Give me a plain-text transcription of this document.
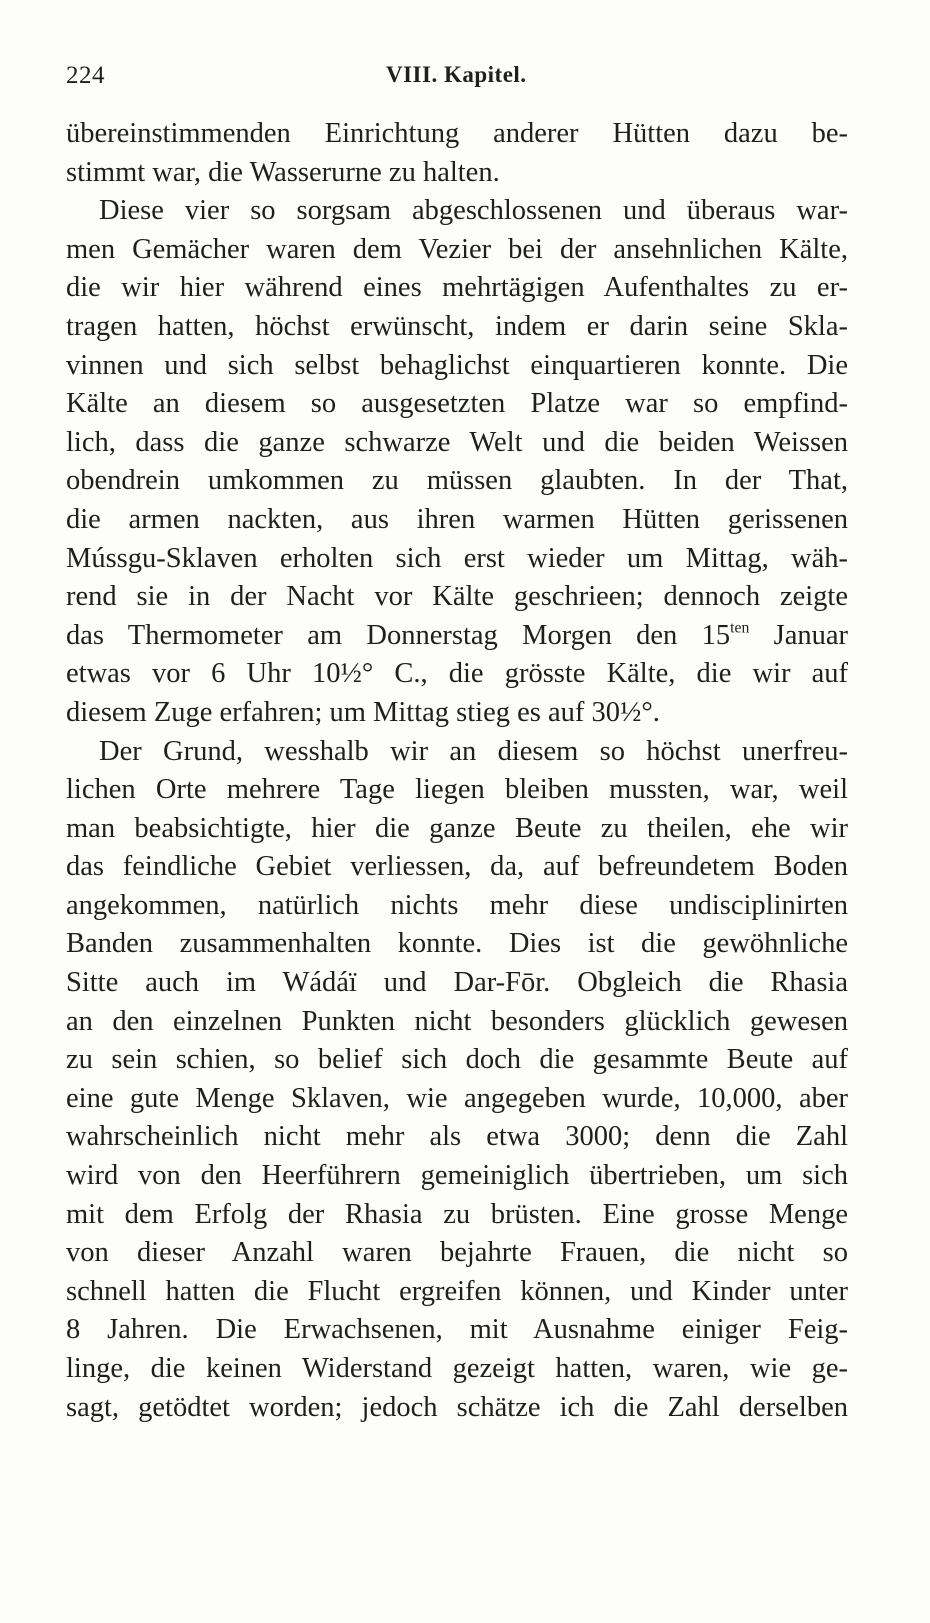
224	VIII. Kapitel.
übereinstimmenden Einrichtung anderer Hütten dazu be-
stimmt war, die Wasserurne zu halten.
Diese vier so sorgsam abgeschlossenen und überaus war-
men Gemächer waren dem Vezier bei der ansehnlichen Kälte,
die wir hier während eines mehrtägigen Aufenthaltes zu er-
tragen hatten, höchst erwünscht, indem er darin seine Skla-
vinnen und sich selbst behaglichst einquartieren konnte. Die
Kälte an diesem so ausgesetzten Platze war so empfind-
lich, dass die ganze schwarze Welt und die beiden Weissen
obendrein umkommen zu müssen glaubten. In der That,
die armen nackten, aus ihren warmen Hütten gerissenen
Mússgu-Sklaven erholten sich erst wieder um Mittag, wäh-
rend sie in der Nacht vor Kälte geschrieen; dennoch zeigte
das Thermometer am Donnerstag Morgen den $15^{ten}$ Januar
etwas vor 6 Uhr 10½° C., die grösste Kälte, die wir auf
diesem Zuge erfahren; um Mittag stieg es auf 30½°.
Der Grund, wesshalb wir an diesem so höchst unerfreu-
lichen Orte mehrere Tage liegen bleiben mussten, war, weil
man beabsichtigte, hier die ganze Beute zu theilen, ehe wir
das feindliche Gebiet verliessen, da, auf befreundetem Boden
angekommen, natürlich nichts mehr diese undisciplinirten
Banden zusammenhalten konnte. Dies ist die gewöhnliche
Sitte auch im Wádáï und Dar-Fōr. Obgleich die Rhasia
an den einzelnen Punkten nicht besonders glücklich gewesen
zu sein schien, so belief sich doch die gesammte Beute auf
eine gute Menge Sklaven, wie angegeben wurde, 10,000, aber
wahrscheinlich nicht mehr als etwa 3000; denn die Zahl
wird von den Heerführern gemeiniglich übertrieben, um sich
mit dem Erfolg der Rhasia zu brüsten. Eine grosse Menge
von dieser Anzahl waren bejahrte Frauen, die nicht so
schnell hatten die Flucht ergreifen können, und Kinder unter
8 Jahren. Die Erwachsenen, mit Ausnahme einiger Feig-
linge, die keinen Widerstand gezeigt hatten, waren, wie ge-
sagt, getödtet worden; jedoch schätze ich die Zahl derselben
